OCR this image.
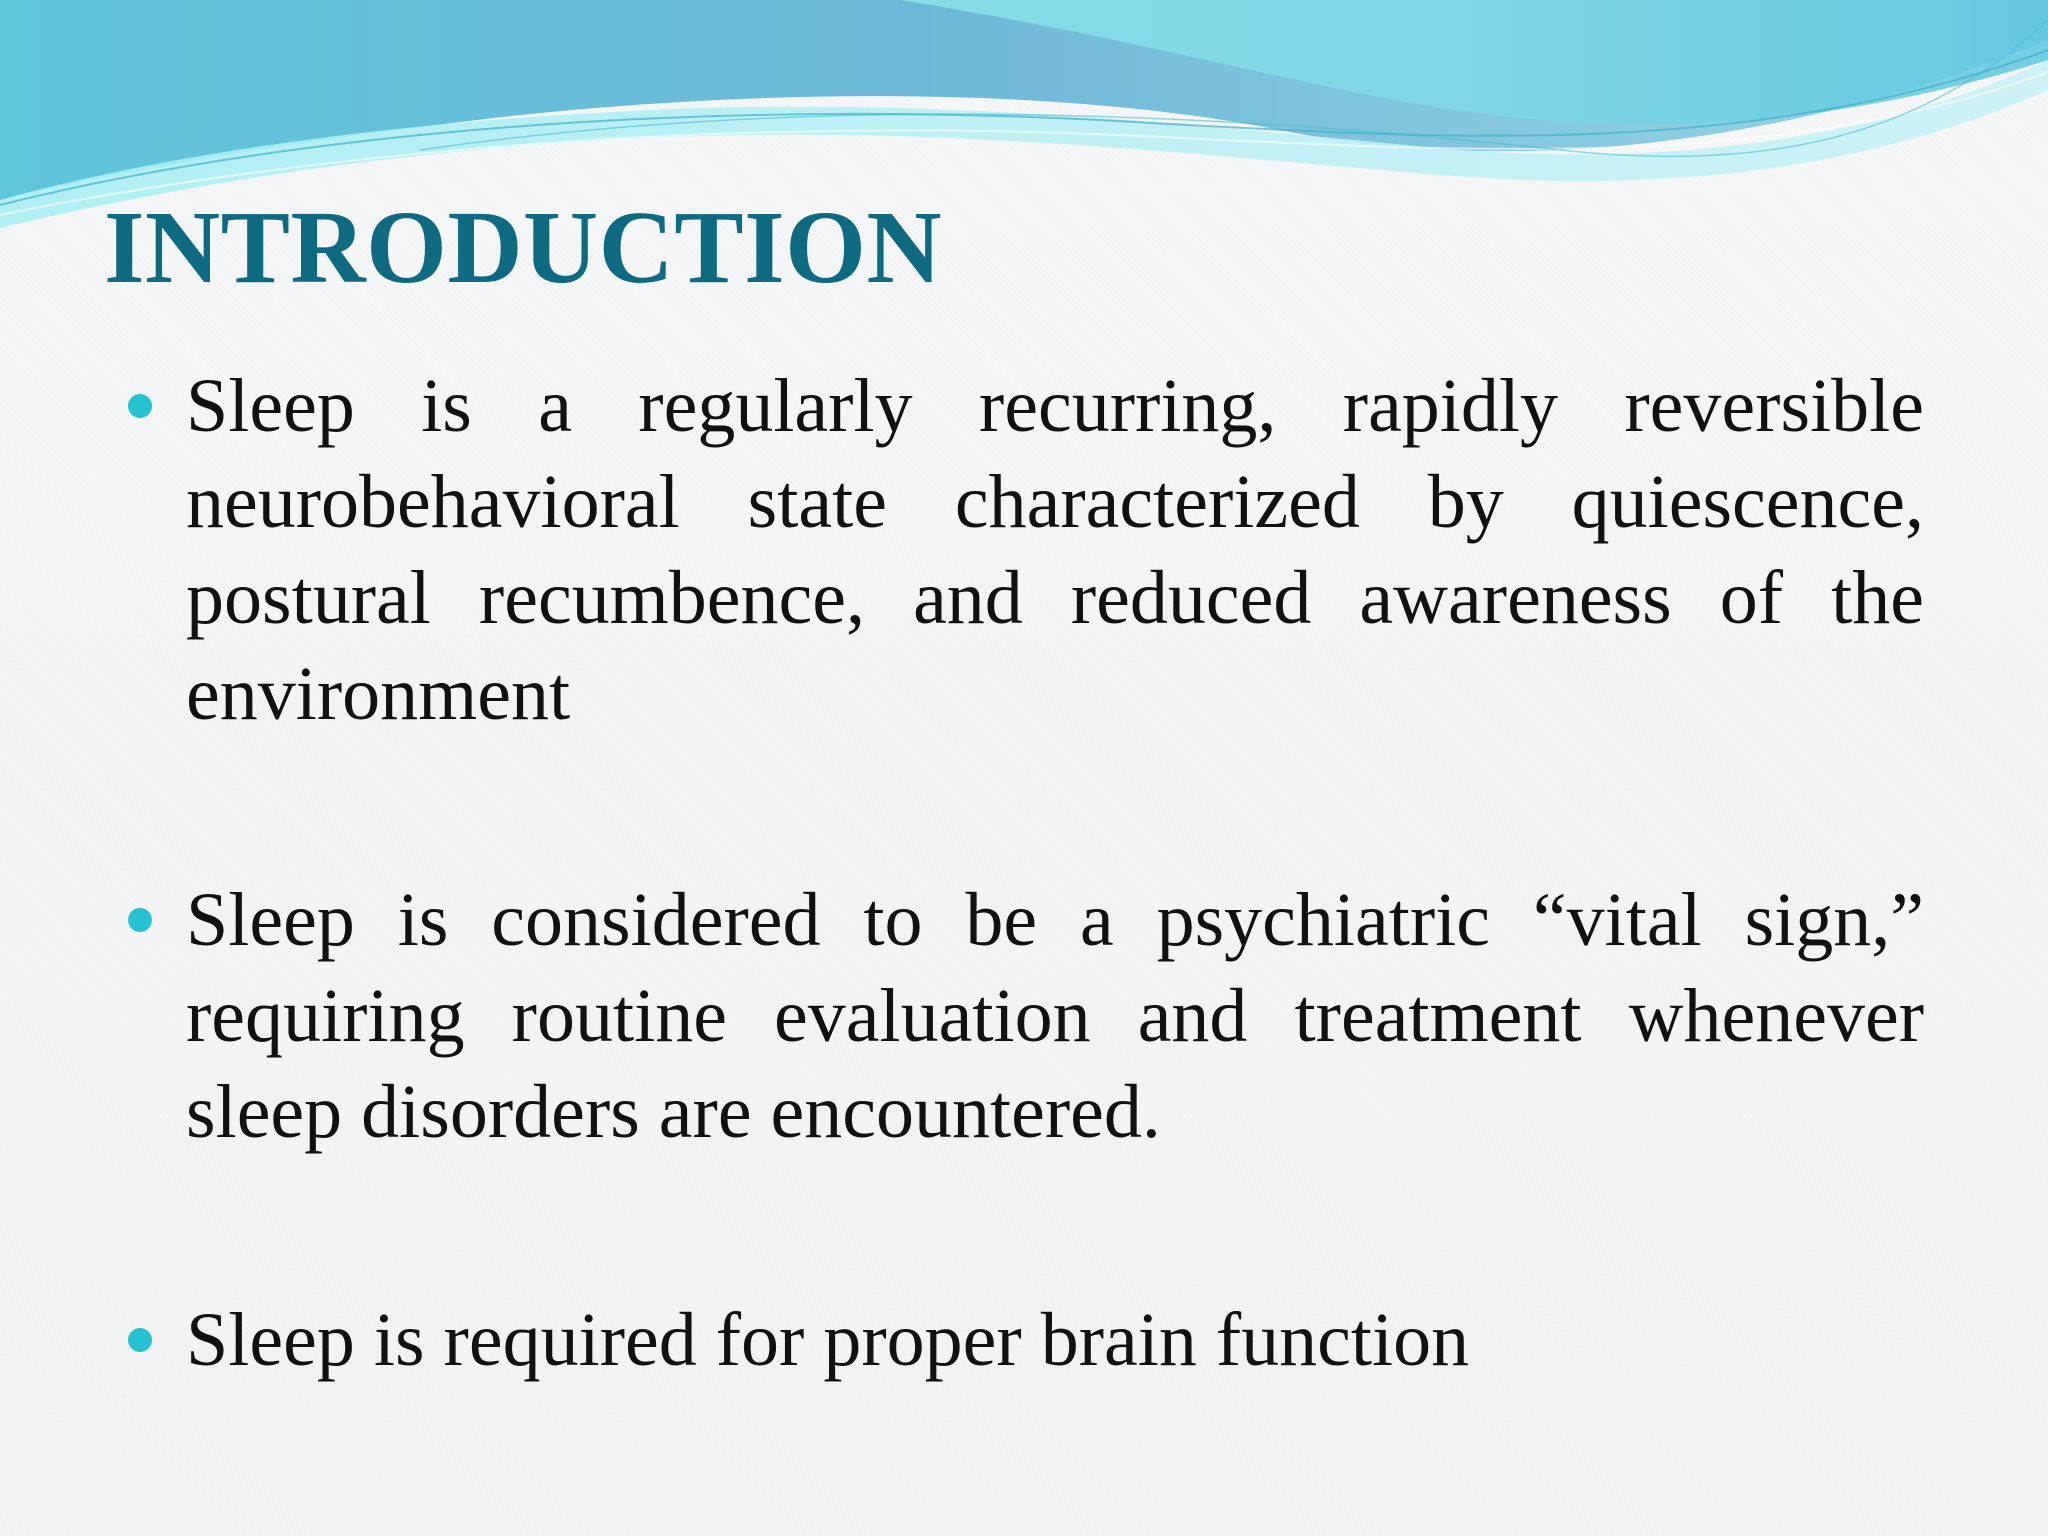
INTRODUCTION
Sleep is a regularly recurring, rapidly reversible neurobehavioral state characterized by quiescence, postural recumbence, and reduced awareness of the environment
Sleep is considered to be a psychiatric “vital sign,” requiring routine evaluation and treatment whenever sleep disorders are encountered.
Sleep is required for proper brain function
